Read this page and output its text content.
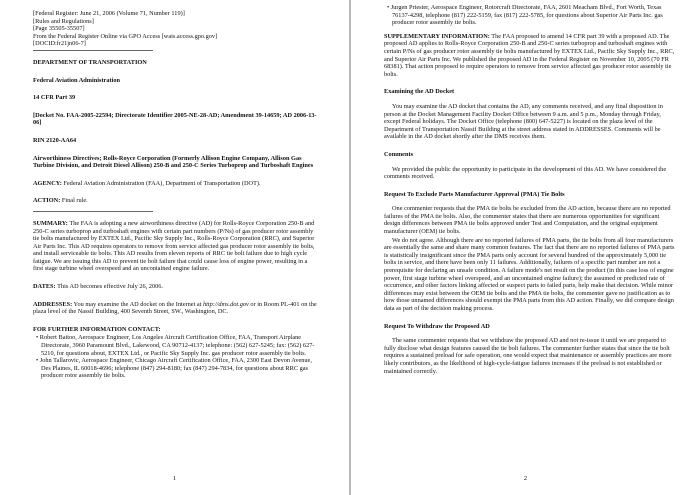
[Federal Register: June 21, 2006 (Volume 71, Number 119)]

[Rules and Regulations]

[Page 35505-35507]

From the Federal Register Online via GPO Access [wais.access.gpo.gov]

[DOCID:fr21jn06-7]

DEPARTMENT OF TRANSPORTATION

Federal Aviation Administration

14 CFR Part 39

[Docket No. FAA-2005-22594; Directorate Identifier 2005-NE-28-AD; Amendment 39-14659; AD 2006-13-06]

RIN 2120-AA64

Airworthiness Directives; Rolls-Royce Corporation (Formerly Allison Engine Company, Allison Gas Turbine Division, and Detroit Diesel Allison) 250-B and 250-C Series Turboprop and Turboshaft Engines

AGENCY: Federal Aviation Administration (FAA), Department of Transportation (DOT).

ACTION: Final rule.

SUMMARY: The FAA is adopting a new airworthiness directive (AD) for Rolls-Royce Corporation 250-B and 250-C series turboprop and turboshaft engines with certain part numbers (P/Ns) of gas producer rotor assembly tie bolts manufactured by EXTEX Ltd., Pacific Sky Supply Inc., Rolls-Royce Corporation (RRC), and Superior Air Parts Inc. This AD requires operators to remove from service affected gas producer rotor assembly tie bolts, and install serviceable tie bolts. This AD results from eleven reports of RRC tie bolt failure due to high cycle fatigue. We are issuing this AD to prevent tie bolt failure that could cause loss of engine power, resulting in a first stage turbine wheel overspeed and an uncontained engine failure.

DATES: This AD becomes effective July 26, 2006.

ADDRESSES: You may examine the AD docket on the Internet at http://dms.dot.gov or in Room PL-401 on the plaza level of the Nassif Building, 400 Seventh Street, SW., Washington, DC.

FOR FURTHER INFORMATION CONTACT:

• Robert Baitoo, Aerospace Engineer, Los Angeles Aircraft Certification Office, FAA, Transport Airplane Directorate, 3960 Paramount Blvd., Lakewood, CA 90712-4137; telephone: (562) 627-5245; fax: (562) 627-5210, for questions about, EXTEX Ltd., or Pacific Sky Supply Inc. gas producer rotor assembly tie bolts.

• John Tallarovic, Aerospace Engineer, Chicago Aircraft Certification Office, FAA, 2300 East Devon Avenue, Des Plaines, IL 60018-4696; telephone (847) 294-8180; fax (847) 294-7834, for questions about RRC gas producer rotor assembly tie bolts.

1

• Jurgen Priester, Aerospace Engineer, Rotorcraft Directorate, FAA, 2601 Meacham Blvd., Fort Worth, Texas 76137-4298, telephone (817) 222-5159, fax (817) 222-5785, for questions about Superior Air Parts Inc. gas producer rotor assembly tie bolts.

SUPPLEMENTARY INFORMATION: The FAA proposed to amend 14 CFR part 39 with a proposed AD. The proposed AD applies to Rolls-Royce Corporation 250-B and 250-C series turboprop and turboshaft engines with certain P/Ns of gas producer rotor assembly tie bolts manufactured by EXTEX Ltd., Pacific Sky Supply Inc., RRC, and Superior Air Parts Inc. We published the proposed AD in the Federal Register on November 10, 2005 (70 FR 68381). That action proposed to require operators to remove from service affected gas producer rotor assembly tie bolts.

Examining the AD Docket

You may examine the AD docket that contains the AD, any comments received, and any final disposition in person at the Docket Management Facility Docket Office between 9 a.m. and 5 p.m., Monday through Friday, except Federal holidays. The Docket Office (telephone (800) 647-5227) is located on the plaza level of the Department of Transportation Nassif Building at the street address stated in ADDRESSES. Comments will be available in the AD docket shortly after the DMS receives them.

Comments

We provided the public the opportunity to participate in the development of this AD. We have considered the comments received.

Request To Exclude Parts Manufacturer Approval (PMA) Tie Bolts

One commenter requests that the PMA tie bolts be excluded from the AD action, because there are no reported failures of the PMA tie bolts. Also, the commenter states that there are numerous opportunities for significant design differences between PMA tie bolts approved under Test and Computation, and the original equipment manufacturer (OEM) tie bolts.

We do not agree. Although there are no reported failures of PMA parts, the tie bolts from all four manufacturers are essentially the same and share many common features. The fact that there are no reported failures of PMA parts is statistically insignificant since the PMA parts only account for several hundred of the approximately 5,000 tie bolts in service, and there have been only 11 failures. Additionally, failures of a specific part number are not a prerequisite for declaring an unsafe condition. A failure mode's net result on the product (in this case loss of engine power, first stage turbine wheel overspeed, and an uncontained engine failure); the assumed or predicted rate of occurrence, and other factors linking affected or suspect parts to failed parts, help make that decision. While minor differences may exist between the OEM tie bolts and the PMA tie bolts, the commenter gave no justification as to how those unnamed differences should exempt the PMA parts from this AD action. Finally, we did compare design data as part of the decision making process.

Request To Withdraw the Proposed AD

The same commenter requests that we withdraw the proposed AD and not re-issue it until we are prepared to fully disclose what design features caused the tie bolt failures. The commenter further states that since the tie bolt requires a sustained preload for safe operation, one would expect that maintenance or assembly practices are more likely contributors, as the likelihood of high-cycle-fatigue failures increases if the preload is not established or maintained correctly.

2
